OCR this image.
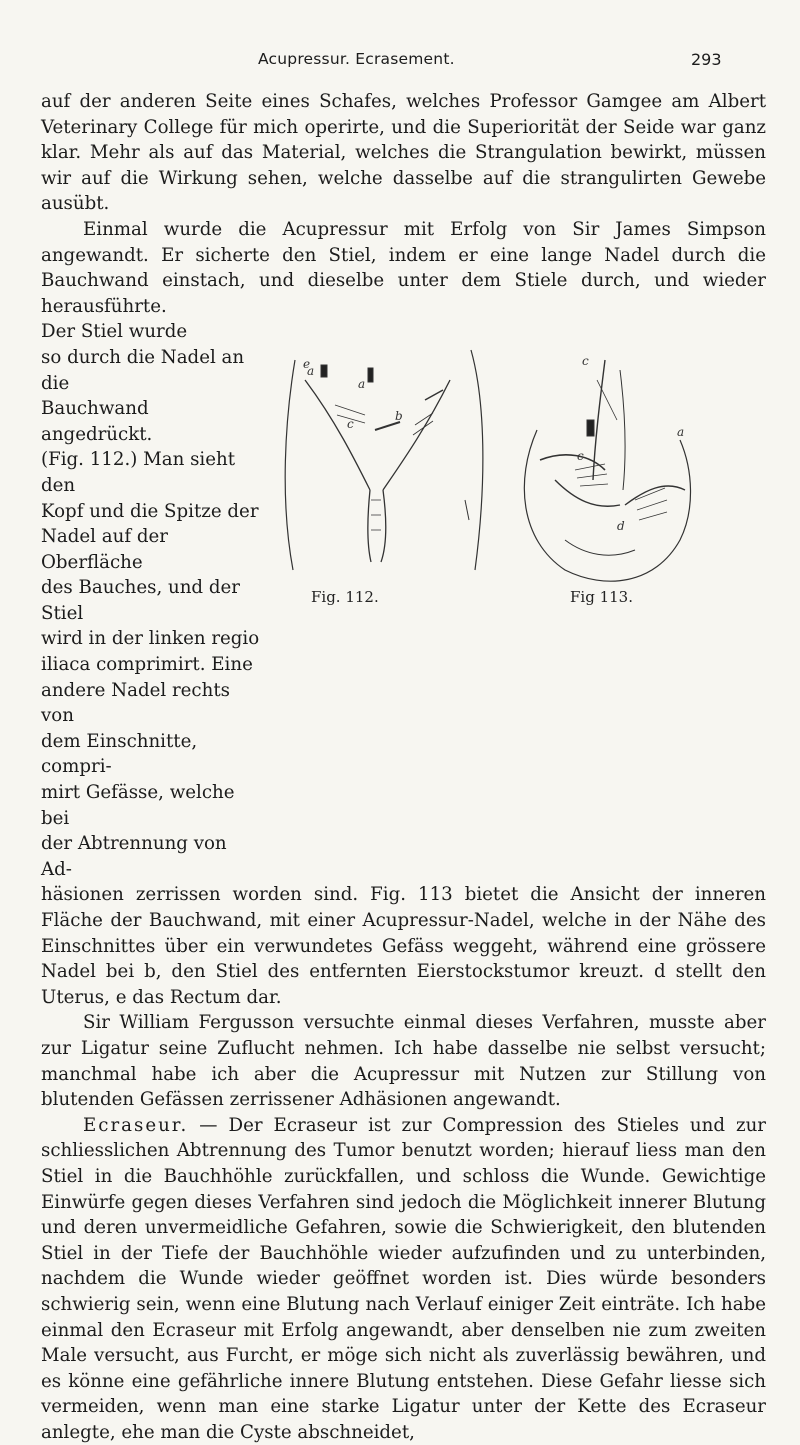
Acupressur. Ecrasement.	293

auf der anderen Seite eines Schafes, welches Professor Gamgee am Albert Veterinary College für mich operirte, und die Superiorität der Seide war ganz klar. Mehr als auf das Material, welches die Strangulation bewirkt, müssen wir auf die Wirkung sehen, welche dasselbe auf die strangulirten Gewebe ausübt.

Einmal wurde die Acupressur mit Erfolg von Sir James Simpson angewandt. Er sicherte den Stiel, indem er eine lange Nadel durch die Bauchwand einstach, und dieselbe unter dem Stiele durch, und wieder herausführte.

Der Stiel wurde
so durch die Nadel an die
Bauchwand angedrückt.
(Fig. 112.) Man sieht den
Kopf und die Spitze der
Nadel auf der Oberfläche
des Bauches, und der Stiel
wird in der linken regio
iliaca comprimirt. Eine
andere Nadel rechts von
dem Einschnitte, compri-
mirt Gefässe, welche bei
der Abtrennung von Ad-

häsionen zerrissen worden sind. Fig. 113 bietet die Ansicht der inneren Fläche der Bauchwand, mit einer Acupressur-Nadel, welche in der Nähe des Einschnittes über ein verwundetes Gefäss weggeht, während eine grössere Nadel bei b, den Stiel des entfernten Eierstockstumor kreuzt. d stellt den Uterus, e das Rectum dar.

Sir William Fergusson versuchte einmal dieses Verfahren, musste aber zur Ligatur seine Zuflucht nehmen. Ich habe dasselbe nie selbst versucht; manchmal habe ich aber die Acupressur mit Nutzen zur Stillung von blutenden Gefässen zerrissener Adhäsionen angewandt.

Ecraseur. — Der Ecraseur ist zur Compression des Stieles und zur schliesslichen Abtrennung des Tumor benutzt worden; hierauf liess man den Stiel in die Bauchhöhle zurückfallen, und schloss die Wunde. Gewichtige Einwürfe gegen dieses Verfahren sind jedoch die Möglichkeit innerer Blutung und deren unvermeidliche Gefahren, sowie die Schwierigkeit, den blutenden Stiel in der Tiefe der Bauchhöhle wieder aufzufinden und zu unterbinden, nachdem die Wunde wieder geöffnet worden ist. Dies würde besonders schwierig sein, wenn eine Blutung nach Verlauf einiger Zeit einträte. Ich habe einmal den Ecraseur mit Erfolg angewandt, aber denselben nie zum zweiten Male versucht, aus Furcht, er möge sich nicht als zuverlässig bewähren, und es könne eine gefährliche innere Blutung entstehen. Diese Gefahr liesse sich vermeiden, wenn man eine starke Ligatur unter der Kette des Ecraseur anlegte, ehe man die Cyste abschneidet,

e
a
a
c
b
Fig. 112.
c
a
c
d
Fig 113.
